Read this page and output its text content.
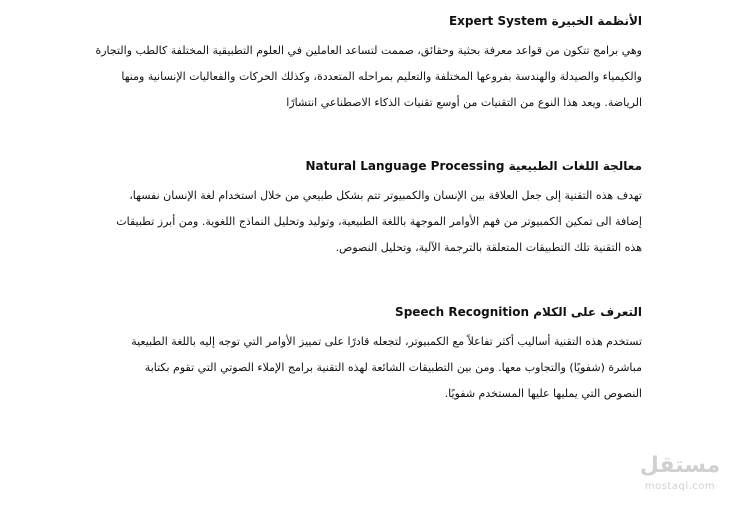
الأنظمة الخبيرة Expert System
وهي برامج تتكون من قواعد معرفة بحثية وحقائق، صممت لتساعد العاملين في العلوم التطبيقية المختلفة كالطب والتجارة
والكيمياء والصيدلة والهندسة بفروعها المختلفة والتعليم بمراحله المتعددة، وكذلك الحركات والفعاليات الإنسانية ومنها
الرياضة. ويعد هذا النوع من التقنيات من أوسع تقنيات الذكاء الاصطناعي انتشارًا
معالجة اللغات الطبيعية Natural Language Processing
تهدف هذه التقنية إلى جعل العلاقة بين الإنسان والكمبيوتر تتم بشكل طبيعي من خلال استخدام لغة الإنسان نفسها،
إضافة الى تمكين الكمبيوتر من فهم الأوامر الموجهة باللغة الطبيعية، وتوليد وتحليل النماذج اللغوية. ومن أبرز تطبيقات
هذه التقنية تلك التطبيقات المتعلقة بالترجمة الآلية، وتحليل النصوص.
التعرف على الكلام Speech Recognition
تستخدم هذه التقنية أساليب أكثر تفاعلاً مع الكمبيوتر، لتجعله قادرًا على تمييز الأوامر التي توجه إليه باللغة الطبيعية
مباشرة (شفويًا) والتجاوب معها. ومن بين التطبيقات الشائعة لهذه التقنية برامج الإملاء الصوتي التي تقوم بكتابة
النصوص التي يمليها عليها المستخدم شفويًا.
مستقل
mostaql.com
